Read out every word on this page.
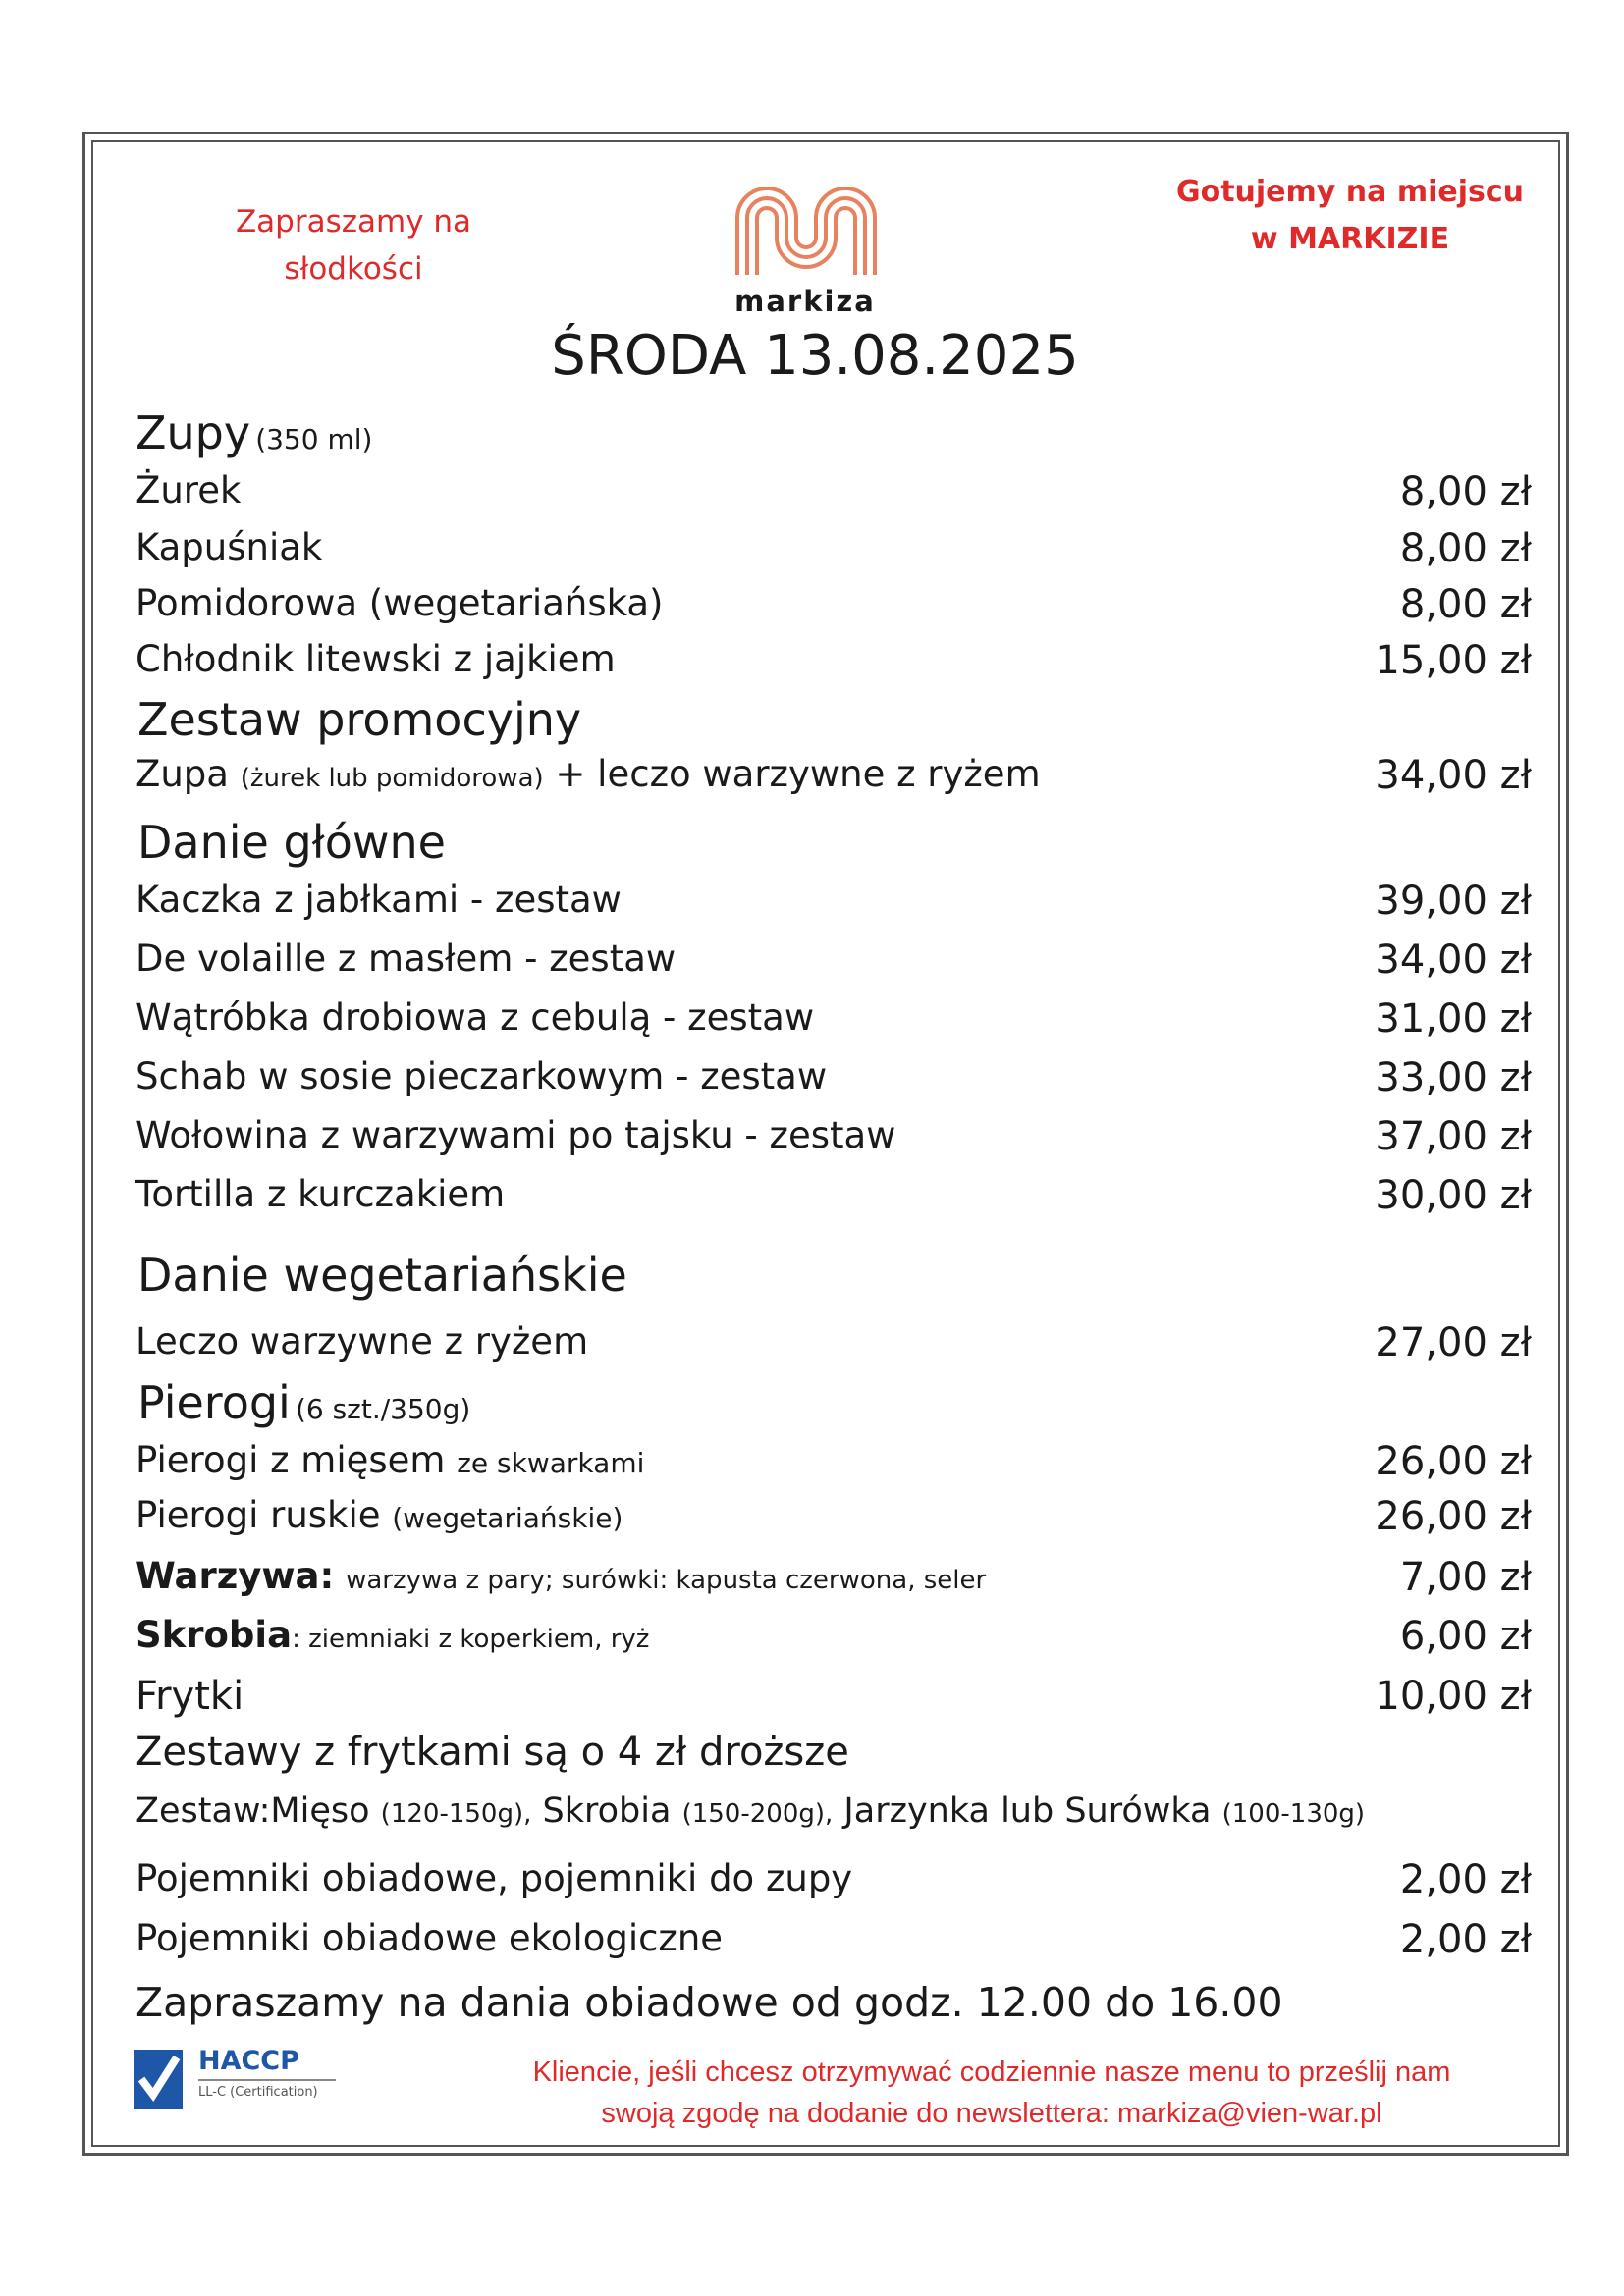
Zapraszamy na
słodkości
markiza
Gotujemy na miejscu
w MARKIZIE
ŚRODA 13.08.2025
Zupy (350 ml)
Żurek	8,00 zł
Kapuśniak	8,00 zł
Pomidorowa (wegetariańska)	8,00 zł
Chłodnik litewski z jajkiem	15,00 zł
Zestaw promocyjny
Zupa (żurek lub pomidorowa) + leczo warzywne z ryżem	34,00 zł
Danie główne
Kaczka z jabłkami - zestaw	39,00 zł
De volaille z masłem - zestaw	34,00 zł
Wątróbka drobiowa z cebulą - zestaw	31,00 zł
Schab w sosie pieczarkowym - zestaw	33,00 zł
Wołowina z warzywami po tajsku - zestaw	37,00 zł
Tortilla z kurczakiem	30,00 zł
Danie wegetariańskie
Leczo warzywne z ryżem	27,00 zł
Pierogi (6 szt./350g)
Pierogi z mięsem ze skwarkami	26,00 zł
Pierogi ruskie (wegetariańskie)	26,00 zł
Warzywa: warzywa z pary; surówki: kapusta czerwona, seler	7,00 zł
Skrobia: ziemniaki z koperkiem, ryż	6,00 zł
Frytki	10,00 zł
Zestawy z frytkami są o 4 zł droższe
Zestaw:Mięso (120-150g), Skrobia (150-200g), Jarzynka lub Surówka (100-130g)
Pojemniki obiadowe, pojemniki do zupy	2,00 zł
Pojemniki obiadowe ekologiczne	2,00 zł
Zapraszamy na dania obiadowe od godz. 12.00 do 16.00
HACCP
LL-C (Certification)
Kliencie, jeśli chcesz otrzymywać codziennie nasze menu to prześlij nam
swoją zgodę na dodanie do newslettera: markiza@vien-war.pl
